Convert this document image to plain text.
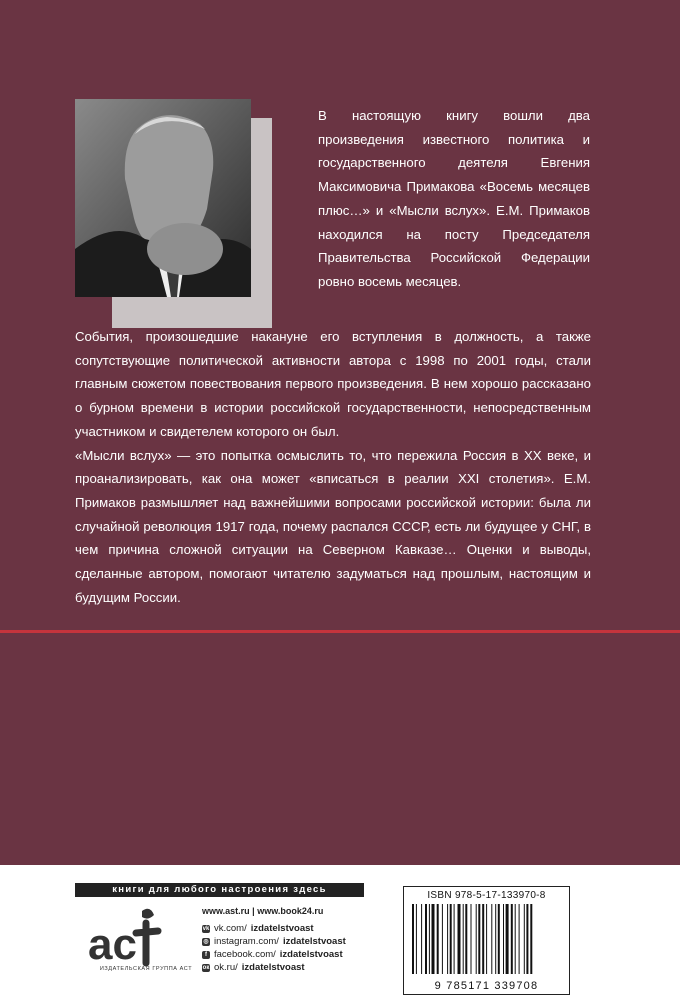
В настоящую книгу вошли два произведения известного политика и государственного деятеля Евгения Максимовича Примакова «Восемь месяцев плюс…» и «Мысли вслух». Е.М. Примаков находился на посту Председателя Правительства Российской Федерации ровно восемь месяцев.

События, произошедшие накануне его вступления в должность, а также сопутствующие политической активности автора с 1998 по 2001 годы, стали главным сюжетом повествования первого произведения. В нем хорошо рассказано о бурном времени в истории российской государственности, непосредственным участником и свидетелем которого он был.

«Мысли вслух» — это попытка осмыслить то, что пережила Россия в XX веке, и проанализировать, как она может «вписаться в реалии XXI столетия». Е.М. Примаков размышляет над важнейшими вопросами российской истории: была ли случайной революция 1917 года, почему распался СССР, есть ли будущее у СНГ, в чем причина сложной ситуации на Северном Кавказе… Оценки и выводы, сделанные автором, помогают читателю задуматься над прошлым, настоящим и будущим России.

книги для любого настроения здесь
ac
ИЗДАТЕЛЬСКАЯ ГРУППА АСТ
www.ast.ru | www.book24.ru
vk vk.com/ izdatelstvoast
◎ instagram.com/ izdatelstvoast
f facebook.com/ izdatelstvoast
ок ok.ru/ izdatelstvoast
ISBN 978-5-17-133970-8
9 785171 339708
